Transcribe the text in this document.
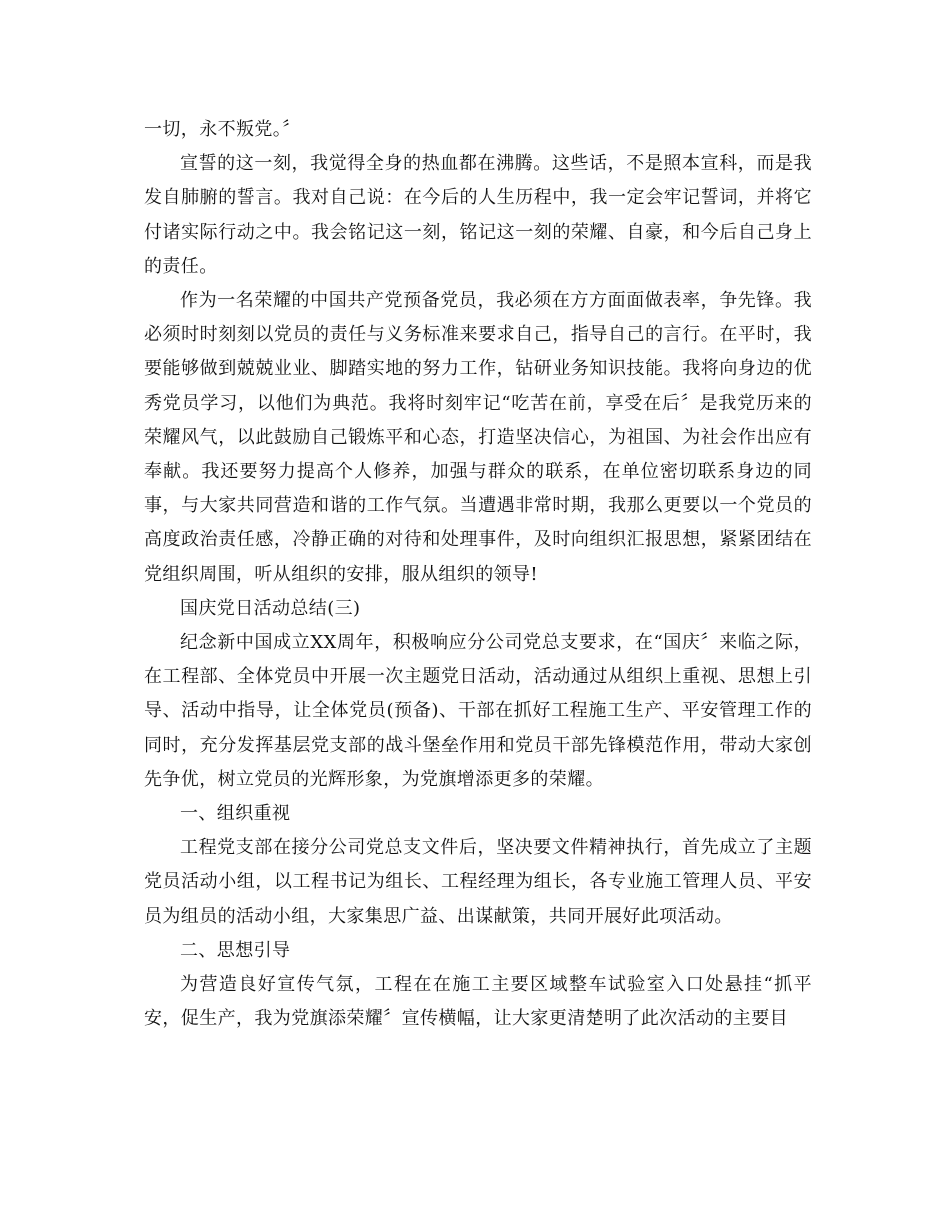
一切，永不叛党。〞

宣誓的这一刻，我觉得全身的热血都在沸腾。这些话，不是照本宣科，而是我发自肺腑的誓言。我对自己说：在今后的人生历程中，我一定会牢记誓词，并将它付诸实际行动之中。我会铭记这一刻，铭记这一刻的荣耀、自豪，和今后自己身上的责任。

作为一名荣耀的中国共产党预备党员，我必须在方方面面做表率，争先锋。我必须时时刻刻以党员的责任与义务标准来要求自己，指导自己的言行。在平时，我要能够做到兢兢业业、脚踏实地的努力工作，钻研业务知识技能。我将向身边的优秀党员学习，以他们为典范。我将时刻牢记“吃苦在前，享受在后〞是我党历来的荣耀风气，以此鼓励自己锻炼平和心态，打造坚决信心，为祖国、为社会作出应有奉献。我还要努力提高个人修养，加强与群众的联系，在单位密切联系身边的同事，与大家共同营造和谐的工作气氛。当遭遇非常时期，我那么更要以一个党员的高度政治责任感，冷静正确的对待和处理事件，及时向组织汇报思想，紧紧团结在党组织周围，听从组织的安排，服从组织的领导!

国庆党日活动总结(三)

纪念新中国成立XX周年，积极响应分公司党总支要求，在“国庆〞来临之际，在工程部、全体党员中开展一次主题党日活动，活动通过从组织上重视、思想上引导、活动中指导，让全体党员(预备)、干部在抓好工程施工生产、平安管理工作的同时，充分发挥基层党支部的战斗堡垒作用和党员干部先锋模范作用，带动大家创先争优，树立党员的光辉形象，为党旗增添更多的荣耀。

一、组织重视

工程党支部在接分公司党总支文件后，坚决要文件精神执行，首先成立了主题党员活动小组，以工程书记为组长、工程经理为组长，各专业施工管理人员、平安员为组员的活动小组，大家集思广益、出谋献策，共同开展好此项活动。

二、思想引导

为营造良好宣传气氛，工程在在施工主要区域整车试验室入口处悬挂“抓平安，促生产，我为党旗添荣耀〞宣传横幅，让大家更清楚明了此次活动的主要目
